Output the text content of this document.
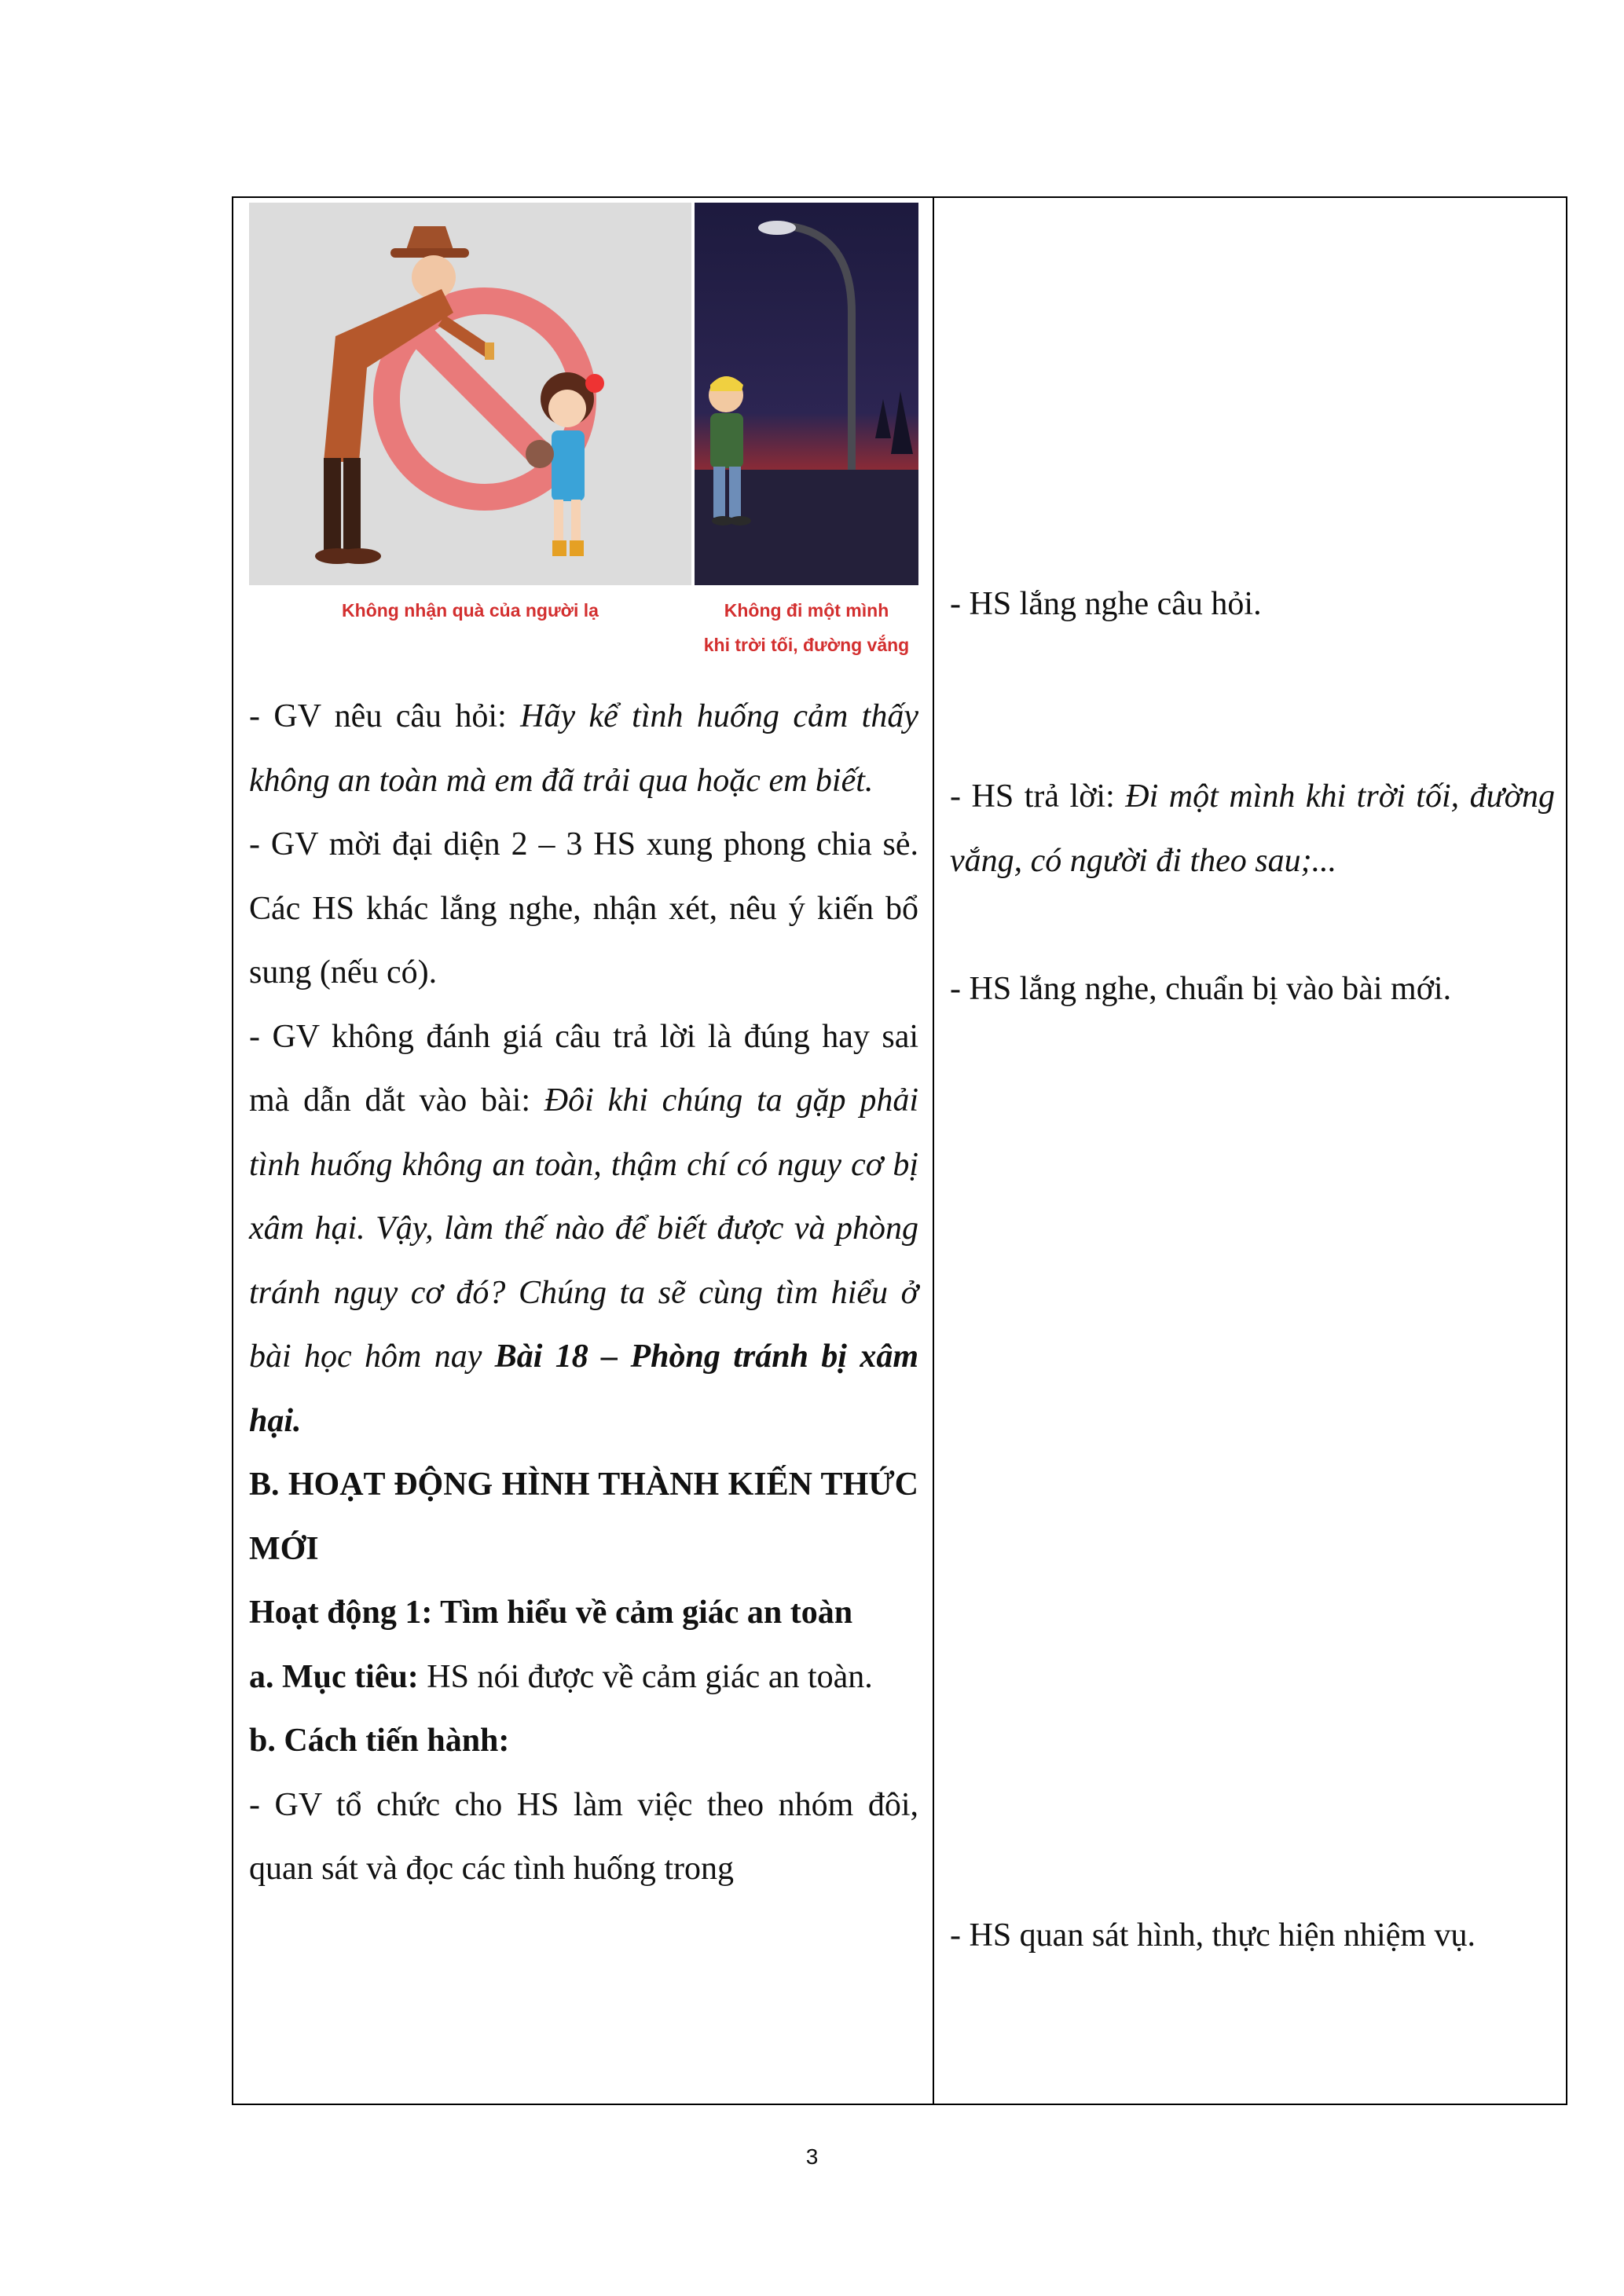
Không nhận quà của người lạ	Không đi một mình
khi trời tối, đường vắng

- GV nêu câu hỏi: Hãy kể tình huống cảm thấy không an toàn mà em đã trải qua hoặc em biết.

- GV mời đại diện 2 – 3 HS xung phong chia sẻ. Các HS khác lắng nghe, nhận xét, nêu ý kiến bổ sung (nếu có).

- GV không đánh giá câu trả lời là đúng hay sai mà dẫn dắt vào bài: Đôi khi chúng ta gặp phải tình huống không an toàn, thậm chí có nguy cơ bị xâm hại. Vậy, làm thế nào để biết được và phòng tránh nguy cơ đó? Chúng ta sẽ cùng tìm hiểu ở bài học hôm nay Bài 18 – Phòng tránh bị xâm hại.

B. HOẠT ĐỘNG HÌNH THÀNH KIẾN THỨC MỚI

Hoạt động 1: Tìm hiểu về cảm giác an toàn

a. Mục tiêu: HS nói được về cảm giác an toàn.

b. Cách tiến hành:

- GV tổ chức cho HS làm việc theo nhóm đôi, quan sát và đọc các tình huống trong

- HS lắng nghe câu hỏi.

- HS trả lời: Đi một mình khi trời tối, đường vắng, có người đi theo sau;...

- HS lắng nghe, chuẩn bị vào bài mới.

- HS quan sát hình, thực hiện nhiệm vụ.

3
